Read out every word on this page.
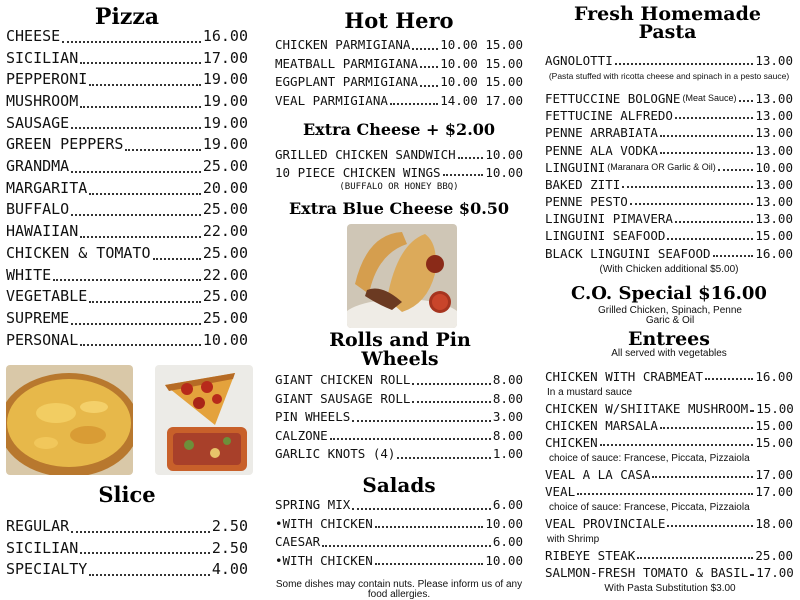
Pizza
CHEESE	16.00
SICILIAN	17.00
PEPPERONI	19.00
MUSHROOM	19.00
SAUSAGE	19.00
GREEN PEPPERS	19.00
GRANDMA	25.00
MARGARITA	20.00
BUFFALO	25.00
HAWAIIAN	22.00
CHICKEN & TOMATO	25.00
WHITE	22.00
VEGETABLE	25.00
SUPREME	25.00
PERSONAL	10.00
Slice
REGULAR	2.50
SICILIAN	2.50
SPECIALTY	4.00
Hot Hero
CHICKEN PARMIGIANA 10.00 15.00
MEATBALL PARMIGIANA 10.00 15.00
EGGPLANT PARMIGIANA 10.00 15.00
VEAL PARMIGIANA	14.00 17.00
Extra Cheese + $2.00
GRILLED CHICKEN SANDWICH 10.00
10 PIECE CHICKEN WINGS	10.00
(BUFFALO OR HONEY BBQ)
Extra Blue Cheese $0.50
Rolls and Pin Wheels
GIANT CHICKEN ROLL	8.00
GIANT SAUSAGE ROLL	8.00
PIN WHEELS	3.00
CALZONE	8.00
GARLIC KNOTS (4)	1.00
Salads
SPRING MIX	6.00
•WITH CHICKEN	10.00
CAESAR	6.00
•WITH CHICKEN	10.00
Some dishes may contain nuts. Please inform us of any food allergies.
Fresh Homemade Pasta
AGNOLOTTI	13.00
(Pasta stuffed with ricotta cheese and spinach in a pesto sauce)
FETTUCCINE BOLOGNE (Meat Sauce) 13.00
FETTUCINE ALFREDO	13.00
PENNE ARRABIATA	13.00
PENNE ALA VODKA	13.00
LINGUINI (Maranara OR Garlic & Oil)	10.00
BAKED ZITI	13.00
PENNE PESTO	13.00
LINGUINI PIMAVERA	13.00
LINGUINI SEAFOOD	15.00
BLACK LINGUINI SEAFOOD	16.00
(With Chicken additional $5.00)
C.O. Special $16.00
Grilled Chicken, Spinach, Penne Garic & Oil
Entrees
All served with vegetables
CHICKEN WITH CRABMEAT	16.00
In a mustard sauce
CHICKEN W/SHIITAKE MUSHROOM 15.00
CHICKEN MARSALA	15.00
CHICKEN	15.00
choice of sauce: Francese, Piccata, Pizzaiola
VEAL A LA CASA	17.00
VEAL	17.00
choice of sauce: Francese, Piccata, Pizzaiola
VEAL PROVINCIALE	18.00
with Shrimp
RIBEYE STEAK	25.00
SALMON-FRESH TOMATO & BASIL 17.00
With Pasta Substitution $3.00
